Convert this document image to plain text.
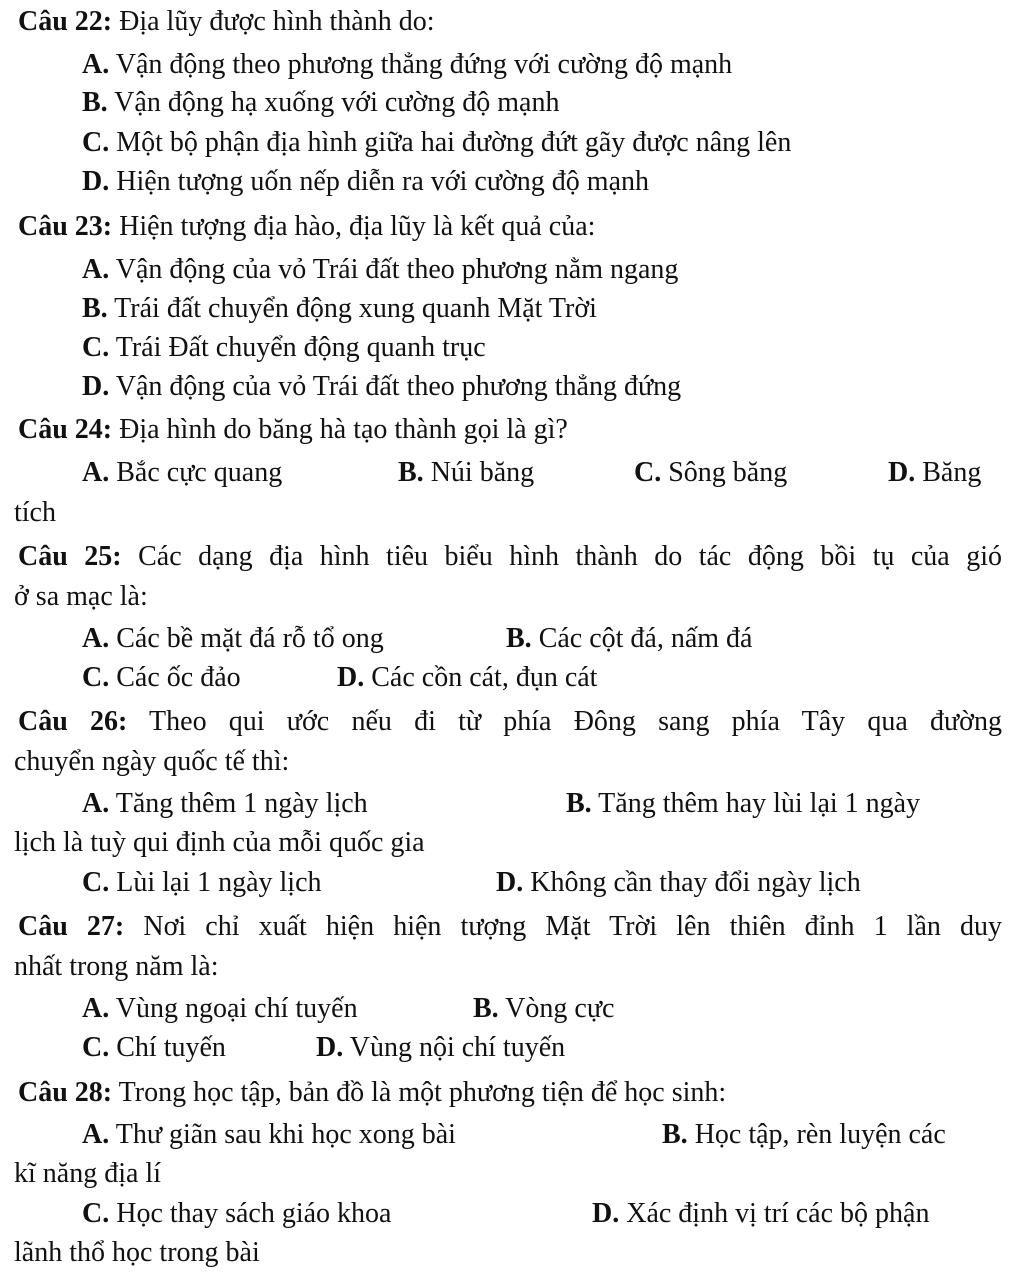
Câu 22: Địa lũy được hình thành do:
A. Vận động theo phương thẳng đứng với cường độ mạnh
B. Vận động hạ xuống với cường độ mạnh
C. Một bộ phận địa hình giữa hai đường đứt gãy được nâng lên
D. Hiện tượng uốn nếp diễn ra với cường độ mạnh
Câu 23: Hiện tượng địa hào, địa lũy là kết quả của:
A. Vận động của vỏ Trái đất theo phương nằm ngang
B. Trái đất chuyển động xung quanh Mặt Trời
C. Trái Đất chuyển động quanh trục
D. Vận động của vỏ Trái đất theo phương thẳng đứng
Câu 24: Địa hình do băng hà tạo thành gọi là gì?
A. Bắc cực quang	B. Núi băng	C. Sông băng	D. Băng
tích
Câu 25: Các dạng địa hình tiêu biểu hình thành do tác động bồi tụ của gió
ở sa mạc là:
A. Các bề mặt đá rỗ tổ ong	B. Các cột đá, nấm đá
C. Các ốc đảo	D. Các cồn cát, đụn cát
Câu 26: Theo qui ước nếu đi từ phía Đông sang phía Tây qua đường
chuyển ngày quốc tế thì:
A. Tăng thêm 1 ngày lịch	B. Tăng thêm hay lùi lại 1 ngày
lịch là tuỳ qui định của mỗi quốc gia
C. Lùi lại 1 ngày lịch	D. Không cần thay đổi ngày lịch
Câu 27: Nơi chỉ xuất hiện hiện tượng Mặt Trời lên thiên đỉnh 1 lần duy
nhất trong năm là:
A. Vùng ngoại chí tuyến	B. Vòng cực
C. Chí tuyến	D. Vùng nội chí tuyến
Câu 28: Trong học tập, bản đồ là một phương tiện để học sinh:
A. Thư giãn sau khi học xong bài	B. Học tập, rèn luyện các
kĩ năng địa lí
C. Học thay sách giáo khoa	D. Xác định vị trí các bộ phận
lãnh thổ học trong bài
